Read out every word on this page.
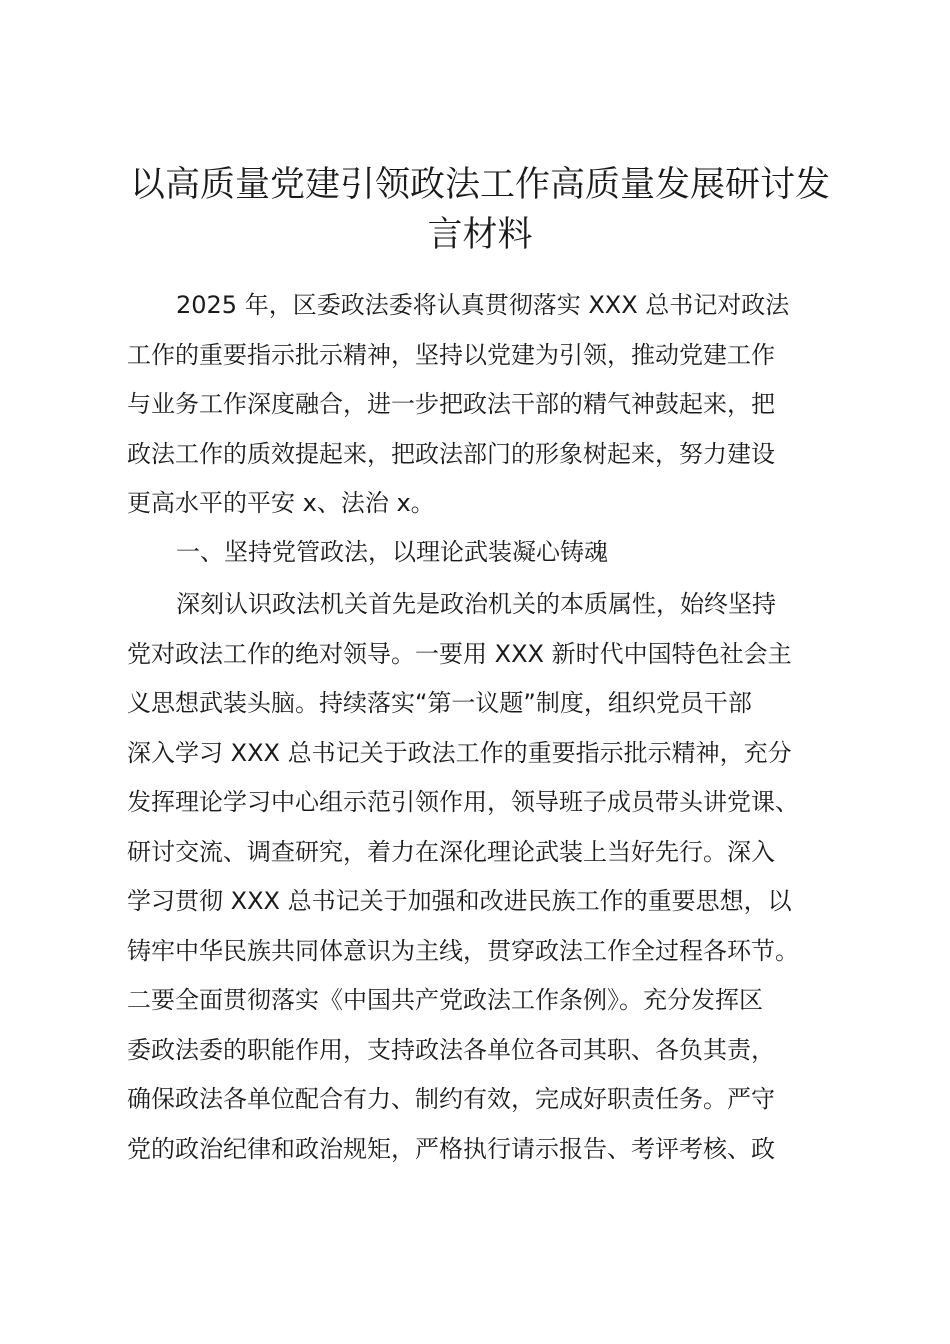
以高质量党建引领政法工作高质量发展研讨发
言材料
2025 年，区委政法委将认真贯彻落实 XXX 总书记对政法
工作的重要指示批示精神，坚持以党建为引领，推动党建工作
与业务工作深度融合，进一步把政法干部的精气神鼓起来，把
政法工作的质效提起来，把政法部门的形象树起来，努力建设
更高水平的平安 x、法治 x。
一、坚持党管政法，以理论武装凝心铸魂
深刻认识政法机关首先是政治机关的本质属性，始终坚持
党对政法工作的绝对领导。一要用 XXX 新时代中国特色社会主
义思想武装头脑。持续落实“第一议题”制度，组织党员干部
深入学习 XXX 总书记关于政法工作的重要指示批示精神，充分
发挥理论学习中心组示范引领作用，领导班子成员带头讲党课、
研讨交流、调查研究，着力在深化理论武装上当好先行。深入
学习贯彻 XXX 总书记关于加强和改进民族工作的重要思想，以
铸牢中华民族共同体意识为主线，贯穿政法工作全过程各环节。
二要全面贯彻落实《中国共产党政法工作条例》。充分发挥区
委政法委的职能作用，支持政法各单位各司其职、各负其责，
确保政法各单位配合有力、制约有效，完成好职责任务。严守
党的政治纪律和政治规矩，严格执行请示报告、考评考核、政
